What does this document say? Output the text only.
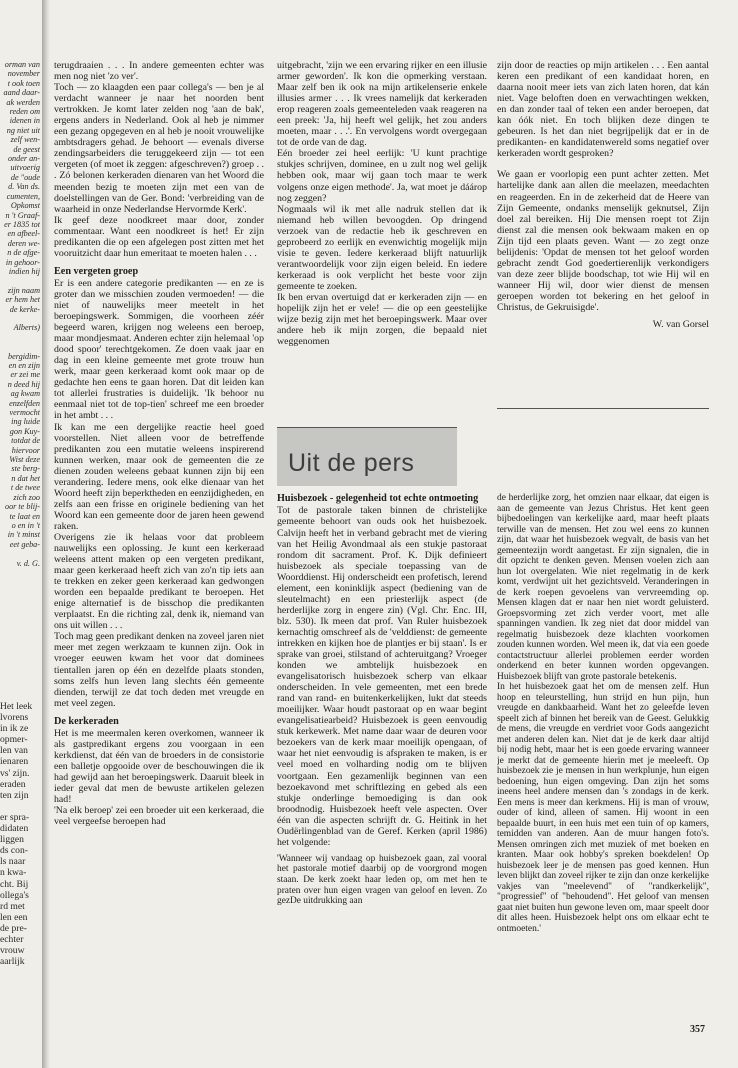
orman van
november
t ook toen
aand daar-
ak werden
reden om
idenen in
ng niet uit
zelf wen-
de geest
onder an-
uitvoerig
de "oude
d. Van ds.
cumenten,
Opkomst
n 't Graaf-
er 1835 tot
en afbeel-
deren we-
n de afge-
in gehoor-
indien hij

zijn naam
er hem het
de kerke-

Alberts)

bergidim-
en en zijn
er zei me
n deed hij
ag kwam
enzelfden
vermocht
ing luide
gon Kuy-
totdat de
hiervoor
Wist deze
ste berg-
n dat het
t de twee
zich zoo
oor te blij-
te laat en
o en in 't
in 't minst
eet geba-

v. d. G.
Het leek
lvorens
in ik ze
opmer-
len van
ienaren
vs' zijn.
eraden
ten zijn

er spra-
didaten
liggen
ds con-
ls naar
n kwa-
cht. Bij
ollega's
rd met
len een
de pre-
echter
vrouw
aarlijk

terugdraaien . . . In andere gemeenten echter was men nog niet 'zo ver'.

Toch — zo klaagden een paar collega's — ben je al verdacht wanneer je naar het noorden bent vertrokken. Je komt later zelden nog 'aan de bak', ergens anders in Nederland. Ook al heb je nimmer een gezang opgegeven en al heb je nooit vrouwelijke ambtsdragers gehad. Je behoort — evenals diverse zendingsarbeiders die teruggekeerd zijn — tot een vergeten (of moet ik zeggen: afgeschreven?) groep . . . Zó belonen kerkeraden dienaren van het Woord die meenden bezig te moeten zijn met een van de doelstellingen van de Ger. Bond: 'verbreiding van de waarheid in onze Nederlandse Hervormde Kerk'.

Ik geef deze noodkreet maar door, zonder commentaar. Want een noodkreet ís het! Er zijn predikanten die op een afgelegen post zitten met het vooruitzicht daar hun emeritaat te moeten halen . . .

Een vergeten groep

Er is een andere categorie predikanten — en ze is groter dan we misschien zouden vermoeden! — die niet of nauwelijks meer meetelt in het beroepingswerk. Sommigen, die voorheen zéér begeerd waren, krijgen nog weleens een beroep, maar mondjesmaat. Anderen echter zijn helemaal 'op dood spoor' terechtgekomen. Ze doen vaak jaar en dag in een kleine gemeente met grote trouw hun werk, maar geen kerkeraad komt ook maar op de gedachte hen eens te gaan horen. Dat dit leiden kan tot allerlei frustraties is duidelijk. 'Ik behoor nu eenmaal niet tot de top-tien' schreef me een broeder in het ambt . . .

Ik kan me een dergelijke reactie heel goed voorstellen. Niet alleen voor de betreffende predikanten zou een mutatie weleens inspirerend kunnen werken, maar ook de gemeenten die ze dienen zouden weleens gebaat kunnen zijn bij een verandering. Iedere mens, ook elke dienaar van het Woord heeft zijn beperktheden en eenzijdigheden, en zelfs aan een frisse en originele bediening van het Woord kan een gemeente door de jaren heen gewend raken.

Overigens zie ik helaas voor dat probleem nauwelijks een oplossing. Je kunt een kerkeraad weleens attent maken op een vergeten predikant, maar geen kerkeraad heeft zich van zo'n tip iets aan te trekken en zeker geen kerkeraad kan gedwongen worden een bepaalde predikant te beroepen. Het enige alternatief is de bisschop die predikanten verplaatst. En die richting zal, denk ik, niemand van ons uit willen . . .

Toch mag geen predikant denken na zoveel jaren niet meer met zegen werkzaam te kunnen zijn. Ook in vroeger eeuwen kwam het voor dat dominees tientallen jaren op één en dezelfde plaats stonden, soms zelfs hun leven lang slechts één gemeente dienden, terwijl ze dat toch deden met vreugde en met veel zegen.

De kerkeraden

Het is me meermalen keren overkomen, wanneer ik als gastpredikant ergens zou voorgaan in een kerkdienst, dat één van de broeders in de consistorie een balletje opgooide over de beschouwingen die ik had gewijd aan het beroepingswerk. Daaruit bleek in ieder geval dat men de bewuste artikelen gelezen had!

'Na elk beroep' zei een broeder uit een kerkeraad, die veel vergeefse beroepen had

uitgebracht, 'zijn we een ervaring rijker en een illusie armer geworden'. Ik kon die opmerking verstaan. Maar zelf ben ik ook na mijn artikelenserie enkele illusies armer . . . Ik vrees namelijk dat kerkeraden erop reageren zoals gemeenteleden vaak reageren na een preek: 'Ja, hij heeft wel gelijk, het zou anders moeten, maar . . .'. En vervolgens wordt overgegaan tot de orde van de dag.

Eén broeder zei heel eerlijk: 'U kunt prachtige stukjes schrijven, dominee, en u zult nog wel gelijk hebben ook, maar wij gaan toch maar te werk volgens onze eigen methode'. Ja, wat moet je dáárop nog zeggen?

Nogmaals wil ik met alle nadruk stellen dat ik niemand heb willen bevoogden. Op dringend verzoek van de redactie heb ik geschreven en geprobeerd zo eerlijk en evenwichtig mogelijk mijn visie te geven. Iedere kerkeraad blijft natuurlijk verantwoordelijk voor zijn eigen beleid. En iedere kerkeraad is ook verplicht het beste voor zijn gemeente te zoeken.

Ik ben ervan overtuigd dat er kerkeraden zijn — en hopelijk zijn het er vele! — die op een geestelijke wijze bezig zijn met het beroepingswerk. Maar over andere heb ik mijn zorgen, die bepaald niet weggenomen

zijn door de reacties op mijn artikelen . . . Een aantal keren een predikant of een kandidaat horen, en daarna nooit meer iets van zich laten horen, dat kán niet. Vage beloften doen en verwachtingen wekken, en dan zonder taal of teken een ander beroepen, dat kan óók niet. En toch blijken deze dingen te gebeuren. Is het dan niet begrijpelijk dat er in de predikanten- en kandidatenwereld soms negatief over kerkeraden wordt gesproken?

We gaan er voorlopig een punt achter zetten. Met hartelijke dank aan allen die meelazen, meedachten en reageerden. En in de zekerheid dat de Heere van Zijn Gemeente, ondanks menselijk geknutsel, Zijn doel zal bereiken. Hij Die mensen roept tot Zijn dienst zal die mensen ook bekwaam maken en op Zijn tijd een plaats geven. Want — zo zegt onze belijdenis: 'Opdat de mensen tot het geloof worden gebracht zendt God goedertierenlijk verkondigers van deze zeer blijde boodschap, tot wie Hij wil en wanneer Hij wil, door wier dienst de mensen geroepen worden tot bekering en het geloof in Christus, de Gekruisigde'.

W. van Gorsel
Uit de pers
Huisbezoek - gelegenheid tot echte ontmoeting

Tot de pastorale taken binnen de christelijke gemeente behoort van ouds ook het huisbezoek. Calvijn heeft het in verband gebracht met de viering van het Heilig Avondmaal als een stukje pastoraat rondom dit sacrament. Prof. K. Dijk definieert huisbezoek als speciale toepassing van de Woorddienst. Hij onderscheidt een profetisch, lerend element, een koninklijk aspect (bediening van de sleutelmacht) en een priesterlijk aspect (de herderlijke zorg in engere zin) (Vgl. Chr. Enc. III, blz. 530). Ik meen dat prof. Van Ruler huisbezoek kernachtig omschreef als de 'velddienst: de gemeente intrekken en kijken hoe de plantjes er bij staan'. Is er sprake van groei, stilstand of achteruitgang? Vroeger konden we ambtelijk huisbezoek en evangelisatorisch huisbezoek scherp van elkaar onderscheiden. In vele gemeenten, met een brede rand van rand- en buitenkerkelijken, lukt dat steeds moeilijker. Waar houdt pastoraat op en waar begint evangelisatiearbeid? Huisbezoek is geen eenvoudig stuk kerkewerk. Met name daar waar de deuren voor bezoekers van de kerk maar moeilijk opengaan, of waar het niet eenvoudig is afspraken te maken, is er veel moed en volharding nodig om te blijven voortgaan. Een gezamenlijk beginnen van een bezoekavond met schriftlezing en gebed als een stukje onderlinge bemoediging is dan ook broodnodig. Huisbezoek heeft vele aspecten. Over één van die aspecten schrijft dr. G. Heitink in het Oudërlingenblad van de Geref. Kerken (april 1986) het volgende:

'Wanneer wij vandaag op huisbezoek gaan, zal vooral het pastorale motief daarbij op de voorgrond mogen staan. De kerk zoekt haar leden op, om met hen te praten over hun eigen vragen van geloof en leven. Zo gezDe uitdrukking aan

de herderlijke zorg, het omzien naar elkaar, dat eigen is aan de gemeente van Jezus Christus. Het kent geen bijbedoelingen van kerkelijke aard, maar heeft plaats terwille van de mensen. Het zou wel eens zo kunnen zijn, dat waar het huisbezoek wegvalt, de basis van het gemeentezijn wordt aangetast. Er zijn signalen, die in dit opzicht te denken geven. Mensen voelen zich aan hun lot overgelaten. Wie niet regelmatig in de kerk komt, verdwijnt uit het gezichtsveld. Veranderingen in de kerk roepen gevoelens van vervreemding op. Mensen klagen dat er naar hen niet wordt geluisterd. Groepsvorming zet zich verder voort, met alle spanningen vandien. Ik zeg niet dat door middel van regelmatig huisbezoek deze klachten voorkomen zouden kunnen worden. Wel meen ik, dat via een goede contactstructuur allerlei problemen eerder worden onderkend en beter kunnen worden opgevangen. Huisbezoek blijft van grote pastorale betekenis.

In het huisbezoek gaat het om de mensen zelf. Hun hoop en teleurstelling, hun strijd en hun pijn, hun vreugde en dankbaarheid. Want het zo geleefde leven speelt zich af binnen het bereik van de Geest. Gelukkig de mens, die vreugde en verdriet voor Gods aangezicht met anderen delen kan. Niet dat je de kerk daar altijd bij nodig hebt, maar het is een goede ervaring wanneer je merkt dat de gemeente hierin met je meeleeft. Op huisbezoek zie je mensen in hun werkplunje, hun eigen bedoening, hun eigen omgeving. Dan zijn het soms ineens heel andere mensen dan 's zondags in de kerk. Een mens is meer dan kerkmens. Hij is man of vrouw, ouder of kind, alleen of samen. Hij woont in een bepaalde buurt, in een huis met een tuin of op kamers, temidden van anderen. Aan de muur hangen foto's. Mensen omringen zich met muziek of met boeken en kranten. Maar ook hobby's spreken boekdelen! Op huisbezoek leer je de mensen pas goed kennen. Hun leven blijkt dan zoveel rijker te zijn dan onze kerkelijke vakjes van "meelevend" of "randkerkelijk", "progressief" of "behoudend". Het geloof van mensen gaat niet buiten hun gewone leven om, maar speelt door dit alles heen. Huisbezoek helpt ons om elkaar echt te ontmoeten.'

357
